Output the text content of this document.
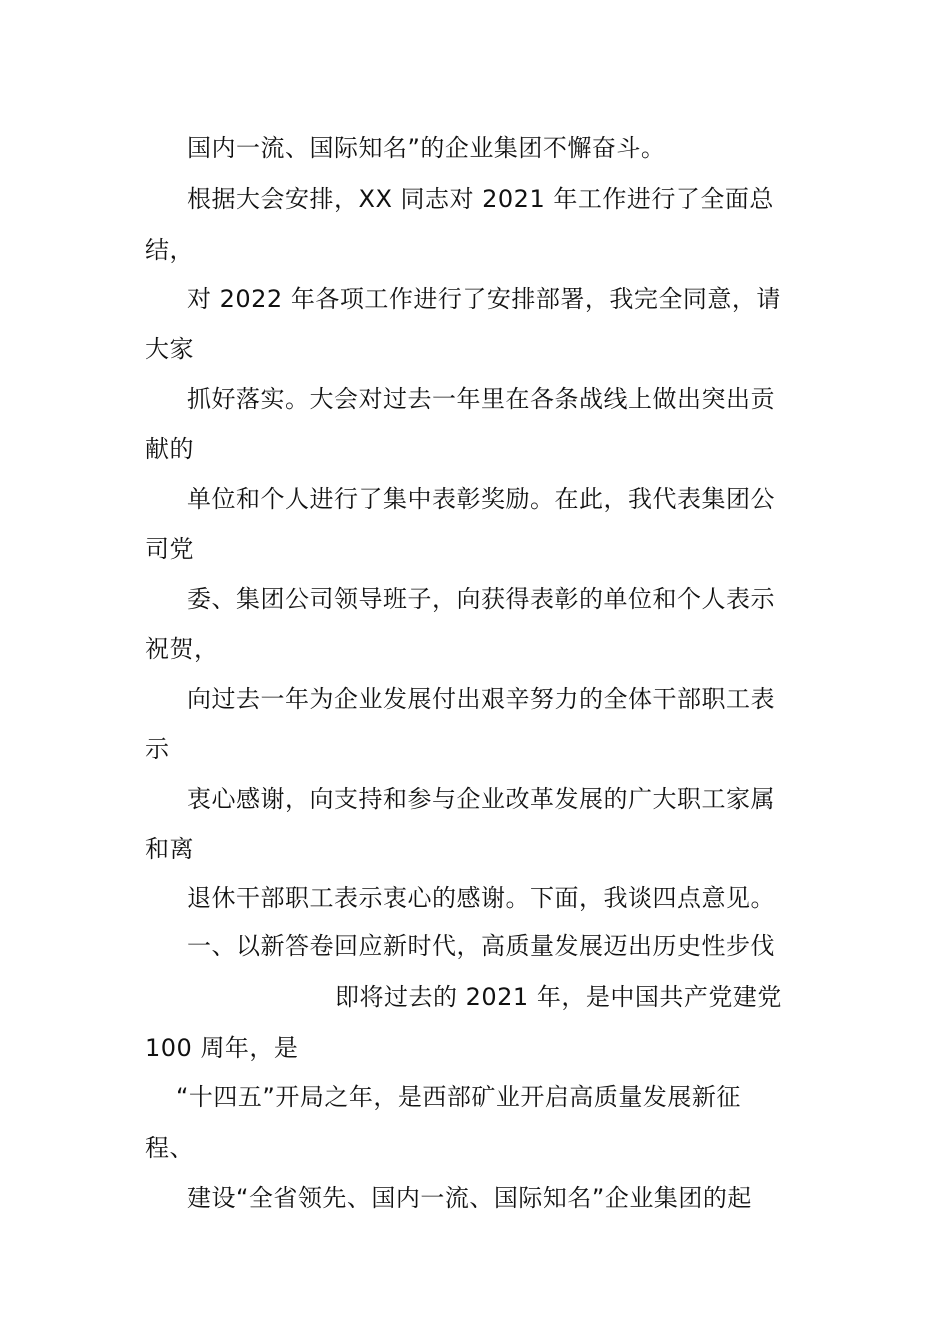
国内一流、国际知名”的企业集团不懈奋斗。
根据大会安排，XX 同志对 2021 年工作进行了全面总
结，
对 2022 年各项工作进行了安排部署，我完全同意，请
大家
抓好落实。大会对过去一年里在各条战线上做出突出贡
献的
单位和个人进行了集中表彰奖励。在此，我代表集团公
司党
委、集团公司领导班子，向获得表彰的单位和个人表示
祝贺，
向过去一年为企业发展付出艰辛努力的全体干部职工表
示
衷心感谢，向支持和参与企业改革发展的广大职工家属
和离
退休干部职工表示衷心的感谢。下面，我谈四点意见。
一、以新答卷回应新时代，高质量发展迈出历史性步伐
即将过去的 2021 年，是中国共产党建党
100 周年，是
“十四五”开局之年，是西部矿业开启高质量发展新征
程、
建设“全省领先、国内一流、国际知名”企业集团的起
